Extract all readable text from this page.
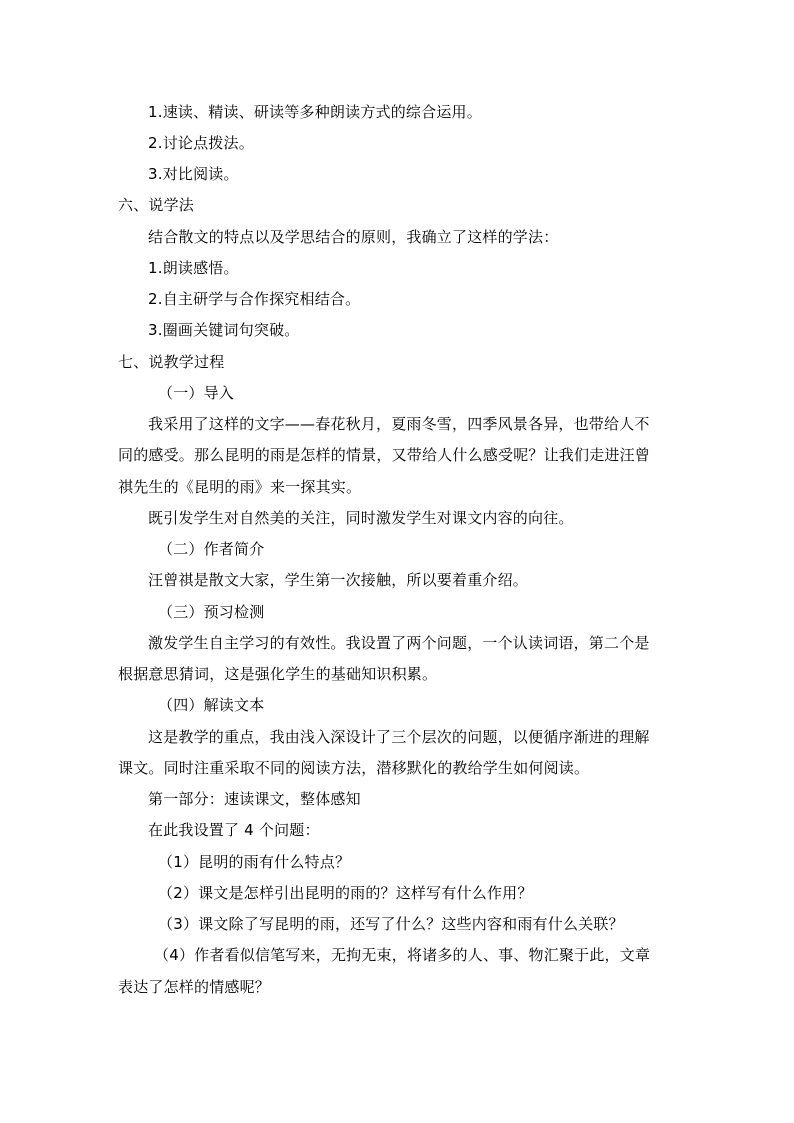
1.速读、精读、研读等多种朗读方式的综合运用。
2.讨论点拨法。
3.对比阅读。
六、说学法
结合散文的特点以及学思结合的原则，我确立了这样的学法：
1.朗读感悟。
2.自主研学与合作探究相结合。
3.圈画关键词句突破。
七、说教学过程
（一）导入
我采用了这样的文字——春花秋月，夏雨冬雪，四季风景各异，也带给人不
同的感受。那么昆明的雨是怎样的情景，又带给人什么感受呢？让我们走进汪曾
祺先生的《昆明的雨》来一探其实。
既引发学生对自然美的关注，同时激发学生对课文内容的向往。
（二）作者简介
汪曾祺是散文大家，学生第一次接触，所以要着重介绍。
（三）预习检测
激发学生自主学习的有效性。我设置了两个问题，一个认读词语，第二个是
根据意思猜词，这是强化学生的基础知识积累。
（四）解读文本
这是教学的重点，我由浅入深设计了三个层次的问题，以便循序渐进的理解
课文。同时注重采取不同的阅读方法，潜移默化的教给学生如何阅读。
第一部分：速读课文，整体感知
在此我设置了 4 个问题：
（1）昆明的雨有什么特点？
（2）课文是怎样引出昆明的雨的？这样写有什么作用？
（3）课文除了写昆明的雨，还写了什么？这些内容和雨有什么关联？
（4）作者看似信笔写来，无拘无束，将诸多的人、事、物汇聚于此，文章
表达了怎样的情感呢？
